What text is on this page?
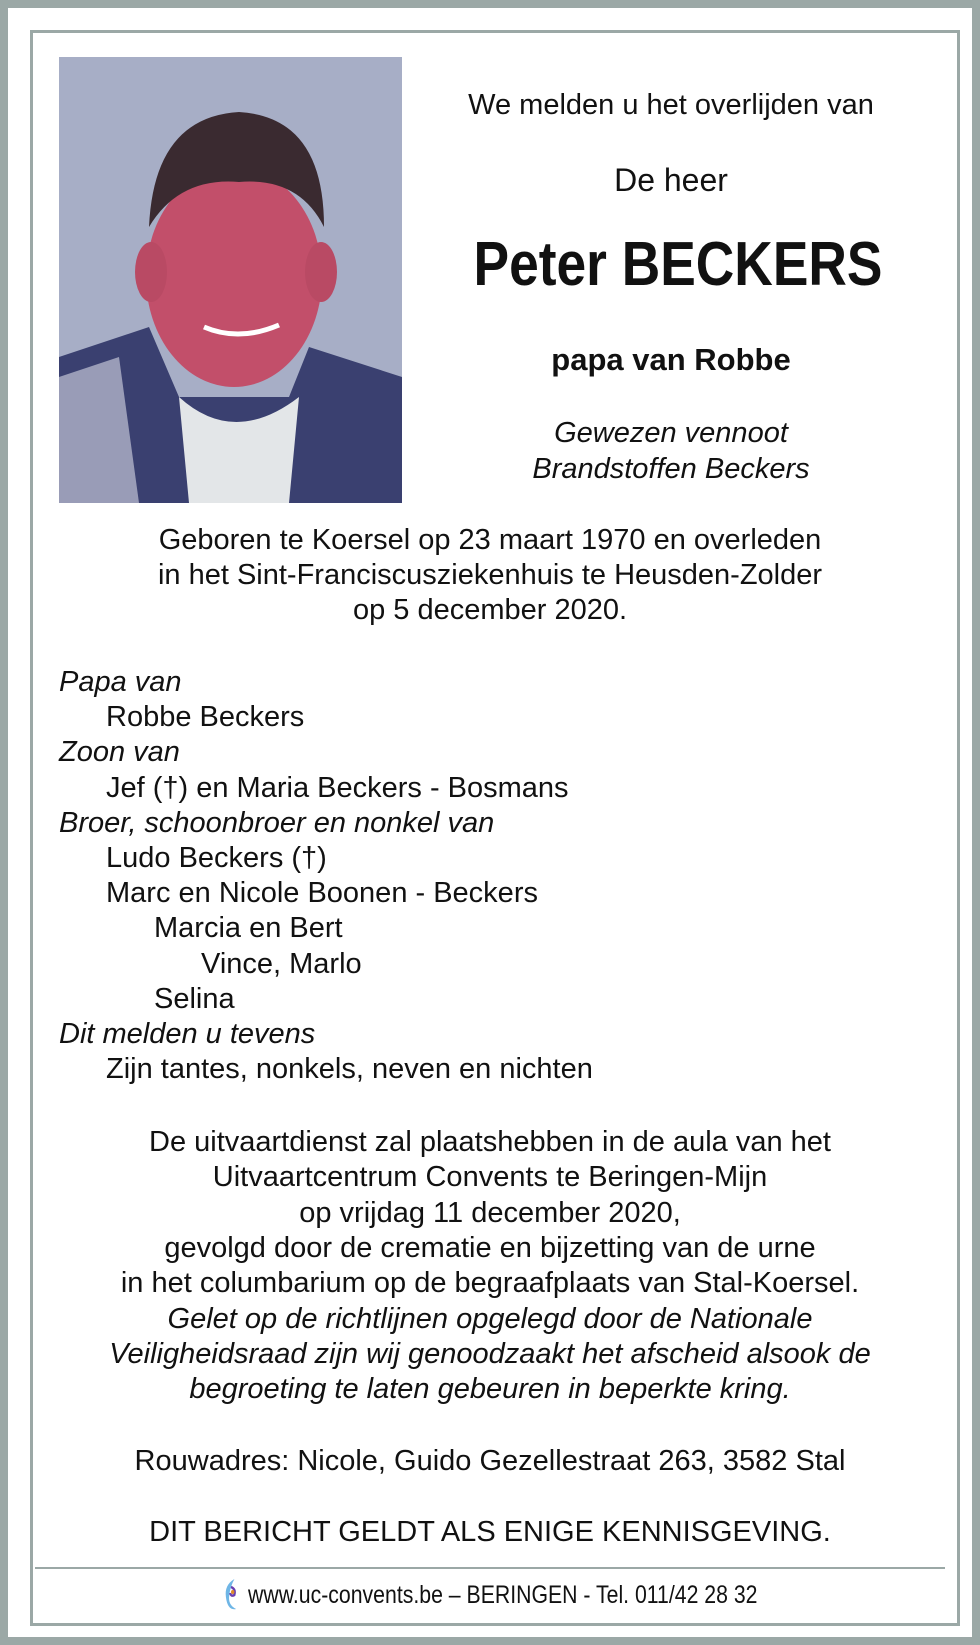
We melden u het overlijden van
De heer
Peter BECKERS
papa van Robbe
Gewezen vennoot
Brandstoffen Beckers
Geboren te Koersel op 23 maart 1970 en overleden
in het Sint-Franciscusziekenhuis te Heusden-Zolder
op 5 december 2020.
Papa van
Robbe Beckers
Zoon van
Jef (†) en Maria Beckers - Bosmans
Broer, schoonbroer en nonkel van
Ludo Beckers (†)
Marc en Nicole Boonen - Beckers
Marcia en Bert
Vince, Marlo
Selina
Dit melden u tevens
Zijn tantes, nonkels, neven en nichten
De uitvaartdienst zal plaatshebben in de aula van het
Uitvaartcentrum Convents te Beringen-Mijn
op vrijdag 11 december 2020,
gevolgd door de crematie en bijzetting van de urne
in het columbarium op de begraafplaats van Stal-Koersel.
Gelet op de richtlijnen opgelegd door de Nationale
Veiligheidsraad zijn wij genoodzaakt het afscheid alsook de
begroeting te laten gebeuren in beperkte kring.
Rouwadres: Nicole, Guido Gezellestraat 263, 3582 Stal
DIT BERICHT GELDT ALS ENIGE KENNISGEVING.
www.uc-convents.be – BERINGEN - Tel. 011/42 28 32
